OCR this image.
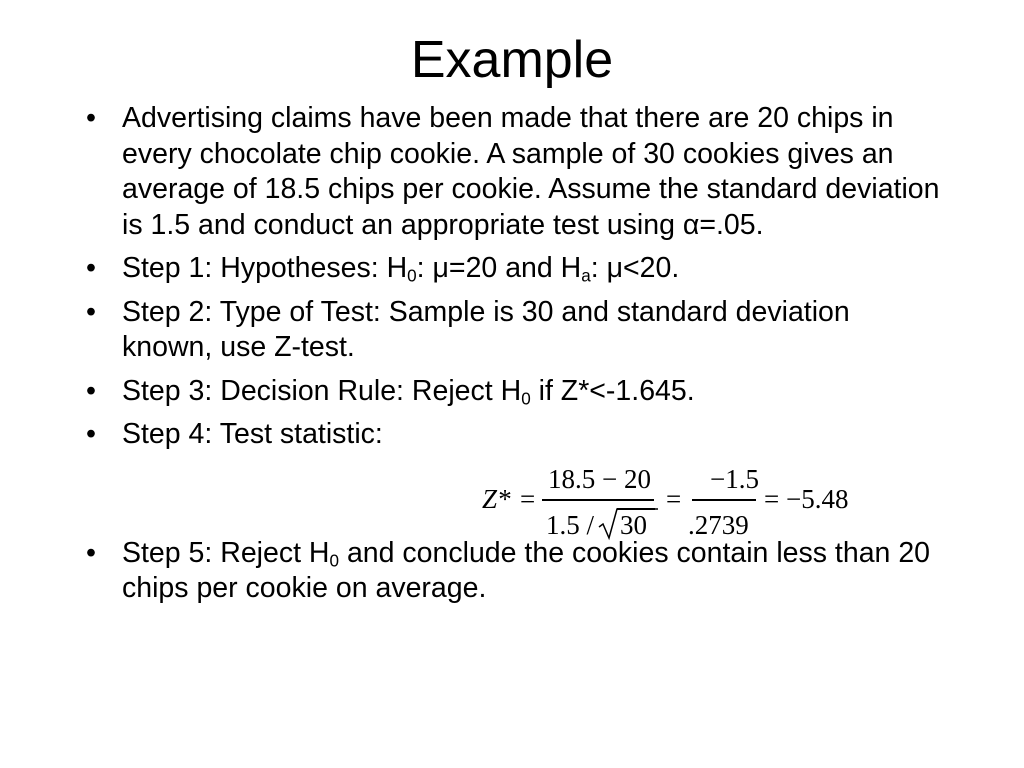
Example
• Advertising claims have been made that there are 20 chips in every chocolate chip cookie. A sample of 30 cookies gives an average of 18.5 chips per cookie. Assume the standard deviation is 1.5 and conduct an appropriate test using α=.05.
• Step 1: Hypotheses: $H_0$: μ=20 and $H_a$: μ<20.
• Step 2: Type of Test: Sample is 30 and standard deviation known, use Z-test.
• Step 3: Decision Rule: Reject $H_0$ if Z*<-1.645.
• Step 4: Test statistic:
• Step 5: Reject $H_0$ and conclude the cookies contain less than 20 chips per cookie on average.
Z* =
18.5 − 20
1.5 / 30
=
−1.5
.2739
= −5.48
